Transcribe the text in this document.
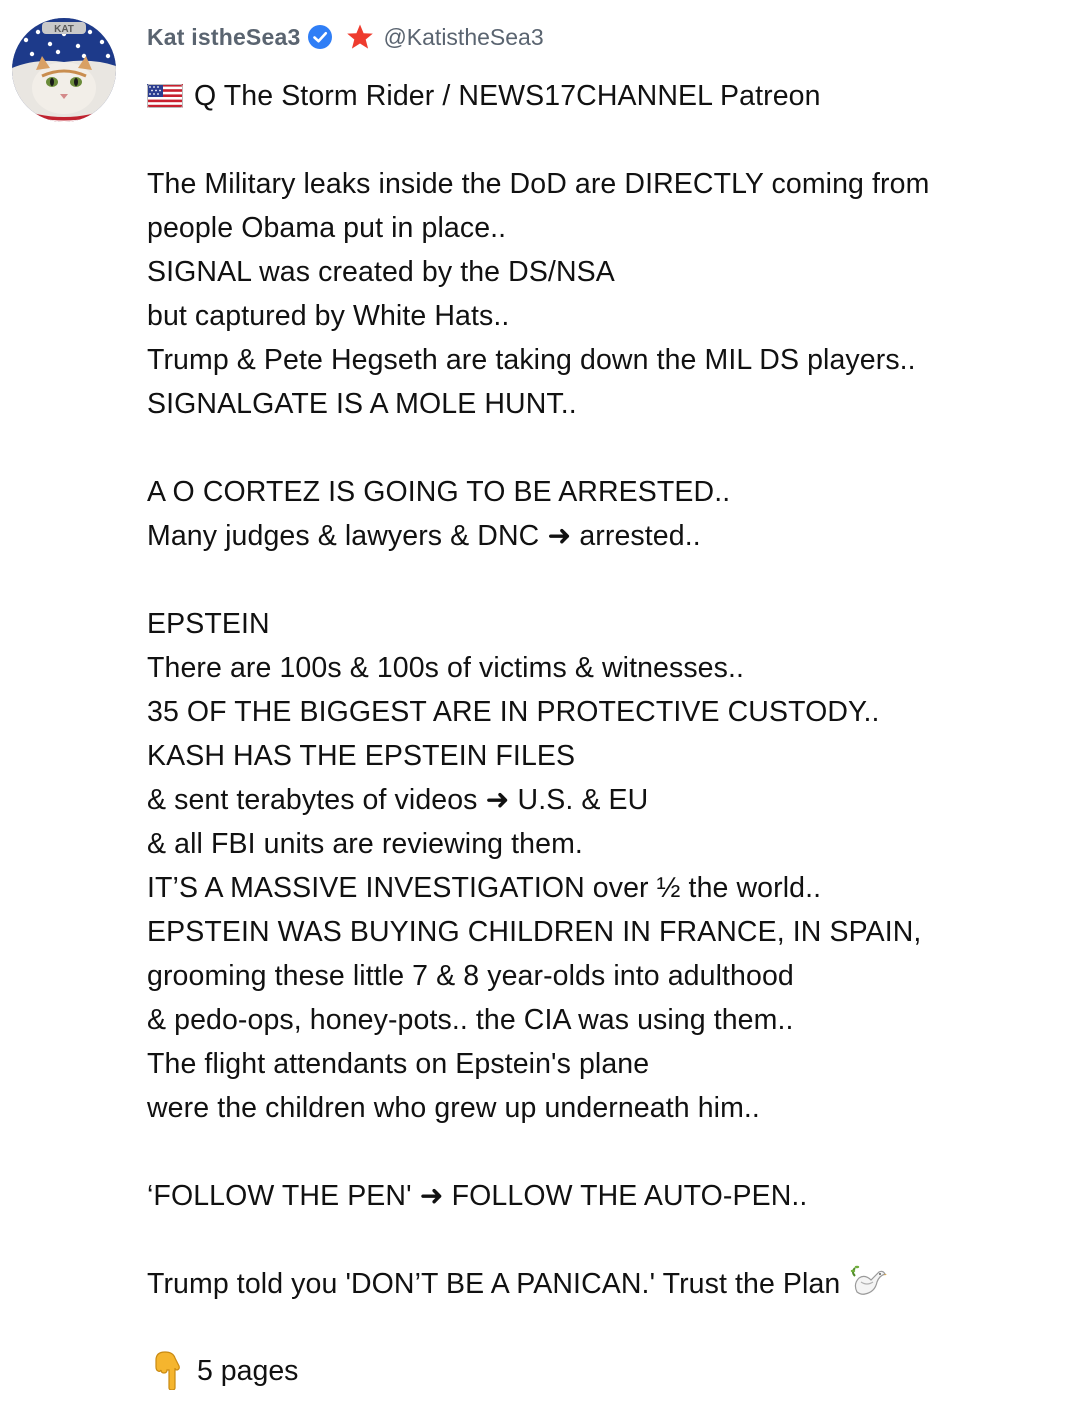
KAT	Kat istheSea3	@KatistheSea3
Q The Storm Rider / NEWS17CHANNEL Patreon
The Military leaks inside the DoD are DIRECTLY coming from
people Obama put in place..
SIGNAL was created by the DS/NSA
but captured by White Hats..
Trump & Pete Hegseth are taking down the MIL DS players..
SIGNALGATE IS A MOLE HUNT..
A O CORTEZ IS GOING TO BE ARRESTED..
Many judges & lawyers & DNC ➜ arrested..
EPSTEIN
There are 100s & 100s of victims & witnesses..
35 OF THE BIGGEST ARE IN PROTECTIVE CUSTODY..
KASH HAS THE EPSTEIN FILES
& sent terabytes of videos ➜ U.S. & EU
& all FBI units are reviewing them.
IT’S A MASSIVE INVESTIGATION over ½ the world..
EPSTEIN WAS BUYING CHILDREN IN FRANCE, IN SPAIN,
grooming these little 7 & 8 year-olds into adulthood
& pedo-ops, honey-pots.. the CIA was using them..
The flight attendants on Epstein's plane
were the children who grew up underneath him..
‘FOLLOW THE PEN' ➜ FOLLOW THE AUTO-PEN..
Trump told you 'DON’T BE A PANICAN.' Trust the Plan
5 pages
